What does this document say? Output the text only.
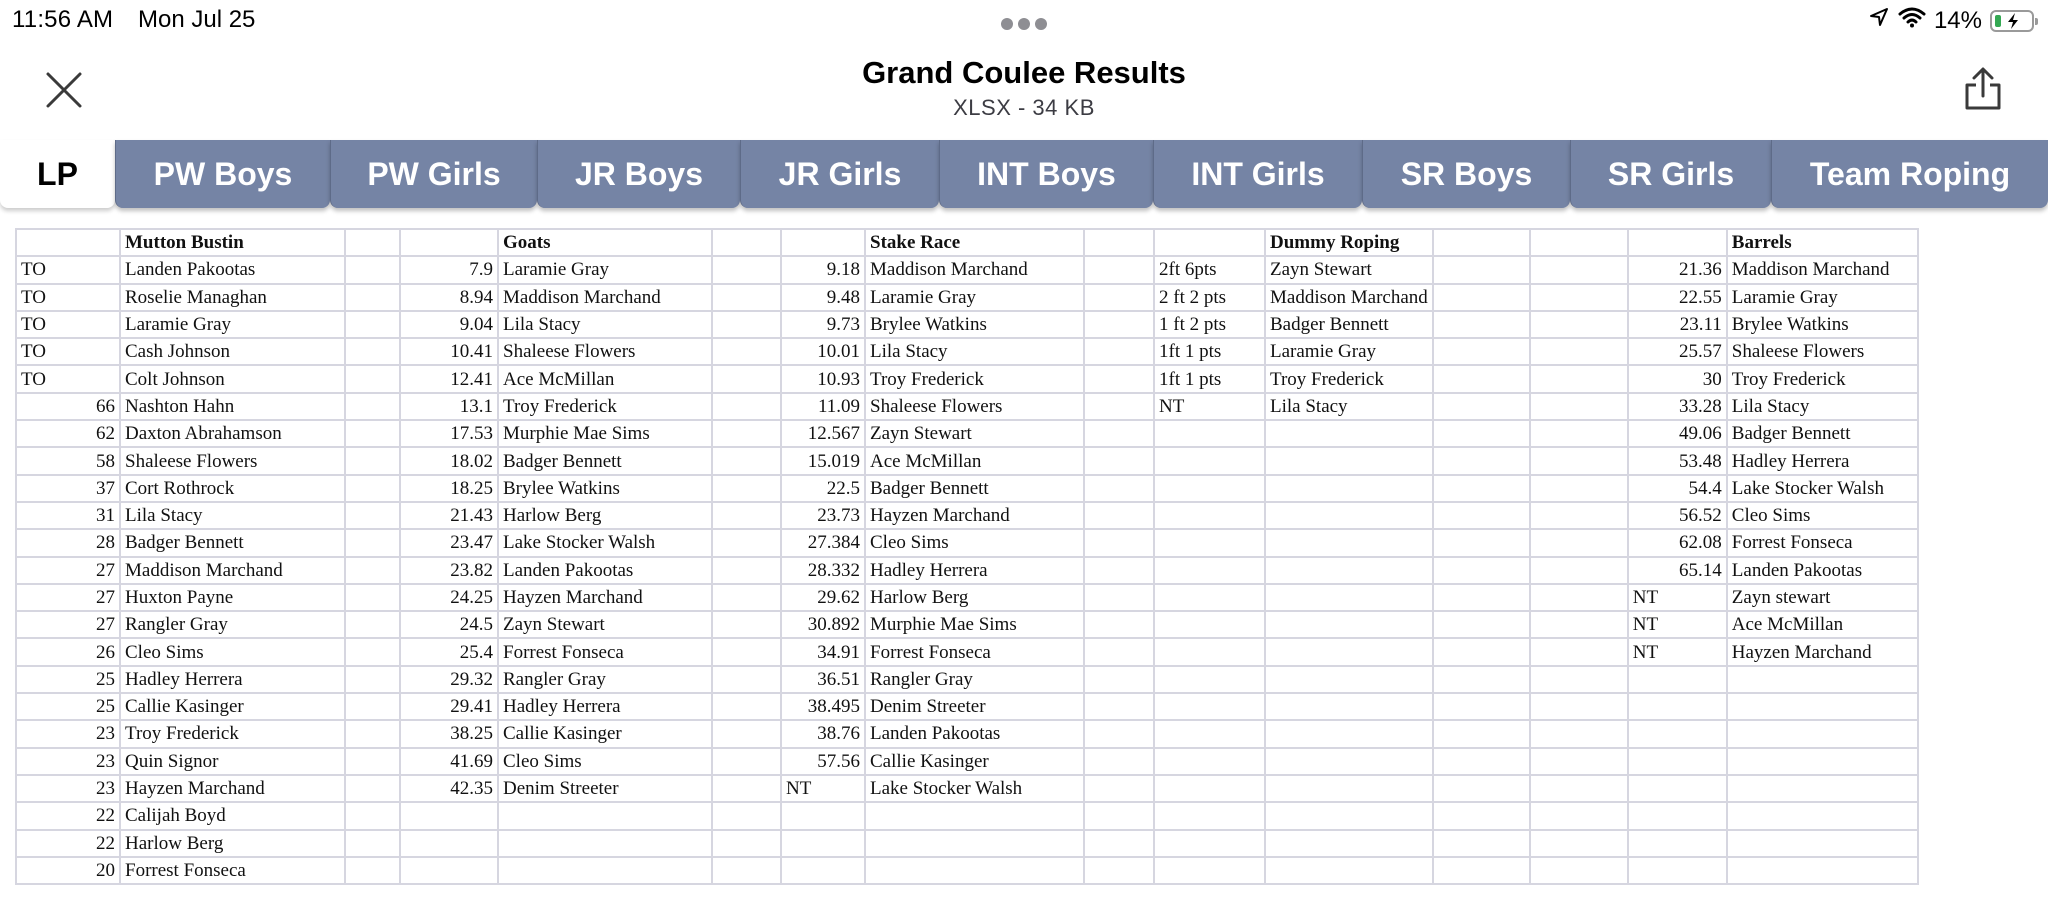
11:56 AM Mon Jul 25	14%
Grand Coulee Results
XLSX - 34 KB
LP PW Boys PW Girls JR Boys JR Girls INT Boys INT Girls SR Boys SR Girls Team Roping
	Mutton Bustin			Goats			Stake Race			Dummy Roping				Barrels
TO	Landen Pakootas		7.9	Laramie Gray		9.18	Maddison Marchand		2ft 6pts	Zayn Stewart			21.36	Maddison Marchand
TO	Roselie Managhan		8.94	Maddison Marchand		9.48	Laramie Gray		2 ft 2 pts	Maddison Marchand			22.55	Laramie Gray
TO	Laramie Gray		9.04	Lila Stacy		9.73	Brylee Watkins		1 ft 2 pts	Badger Bennett			23.11	Brylee Watkins
TO	Cash Johnson		10.41	Shaleese Flowers		10.01	Lila Stacy		1ft 1 pts	Laramie Gray			25.57	Shaleese Flowers
TO	Colt Johnson		12.41	Ace McMillan		10.93	Troy Frederick		1ft 1 pts	Troy Frederick			30	Troy Frederick
66	Nashton Hahn		13.1	Troy Frederick		11.09	Shaleese Flowers		NT	Lila Stacy			33.28	Lila Stacy
62	Daxton Abrahamson		17.53	Murphie Mae Sims		12.567	Zayn Stewart						49.06	Badger Bennett
58	Shaleese Flowers		18.02	Badger Bennett		15.019	Ace McMillan						53.48	Hadley Herrera
37	Cort Rothrock		18.25	Brylee Watkins		22.5	Badger Bennett						54.4	Lake Stocker Walsh
31	Lila Stacy		21.43	Harlow Berg		23.73	Hayzen Marchand						56.52	Cleo Sims
28	Badger Bennett		23.47	Lake Stocker Walsh		27.384	Cleo Sims						62.08	Forrest Fonseca
27	Maddison Marchand		23.82	Landen Pakootas		28.332	Hadley Herrera						65.14	Landen Pakootas
27	Huxton Payne		24.25	Hayzen Marchand		29.62	Harlow Berg						NT	Zayn stewart
27	Rangler Gray		24.5	Zayn Stewart		30.892	Murphie Mae Sims						NT	Ace McMillan
26	Cleo Sims		25.4	Forrest Fonseca		34.91	Forrest Fonseca						NT	Hayzen Marchand
25	Hadley Herrera		29.32	Rangler Gray		36.51	Rangler Gray							
25	Callie Kasinger		29.41	Hadley Herrera		38.495	Denim Streeter							
23	Troy Frederick		38.25	Callie Kasinger		38.76	Landen Pakootas							
23	Quin Signor		41.69	Cleo Sims		57.56	Callie Kasinger							
23	Hayzen Marchand		42.35	Denim Streeter		NT	Lake Stocker Walsh							
22	Calijah Boyd													
22	Harlow Berg													
20	Forrest Fonseca													
